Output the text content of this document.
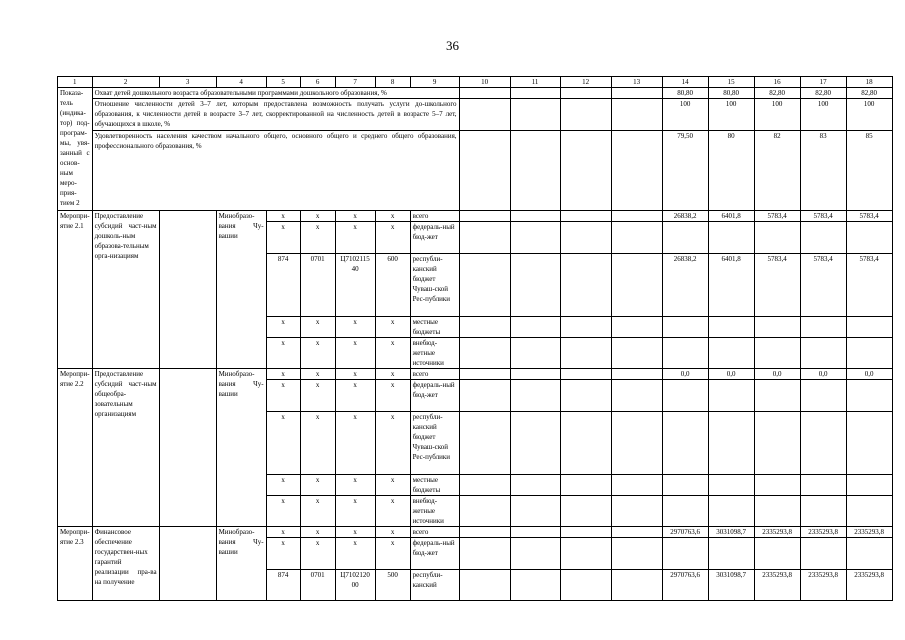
36
1	2	3	4	5	6	7	8	9	10	11	12	13	14	15	16	17	18
Показа-тель (индика-тор) под-програм-мы, увя-занный с основ-ным меро-прия-тием 2	Охват детей дошкольного возраста образовательными программами дошкольного образования, %												80,80	80,80	82,80	82,80	82,80
	Отношение численности детей 3–7 лет, которым предоставлена возможность получать услуги до-школьного образования, к численности детей в возрасте 3–7 лет, скорректированной на численность детей в возрасте 5–7 лет, обучающихся в школе, %												100	100	100	100	100
	Удовлетворенность населения качеством начального общего, основного общего и среднего общего образования, профессионального образования, %												79,50	80	82	83	85
Меропри-ятие 2.1	Предоставление субсидий част-ным дошколь-ным образова-тельным орга-низациям		Минобразо-вания Чу-вашии	х	х	х	х	всего					26838,2	6401,8	5783,4	5783,4	5783,4
				х	х	х	х	федераль-ный бюд-жет									
				874	0701	Ц7102115 40	600	республи-канский бюджет Чуваш-ской Рес-публики					26838,2	6401,8	5783,4	5783,4	5783,4
				х	х	х	х	местные бюджеты									
				х	х	х	х	внебюд-жетные источники									
Меропри-ятие 2.2	Предоставление субсидий част-ным общеобра-зовательным организациям		Минобразо-вания Чу-вашии	х	х	х	х	всего					0,0	0,0	0,0	0,0	0,0
				х	х	х	х	федераль-ный бюд-жет									
				х	х	х	х	республи-канский бюджет Чуваш-ской Рес-публики									
				х	х	х	х	местные бюджеты									
				х	х	х	х	внебюд-жетные источники									
Меропри-ятие 2.3	Финансовое обеспечение государствен-ных гарантий реализации пра-ва на получение		Минобразо-вания Чу-вашии	х	х	х	х	всего					2970763,6	3031098,7	2335293,8	2335293,8	2335293,8
				х	х	х	х	федераль-ный бюд-жет									
				874	0701	Ц7102120 00	500	республи-канский					2970763,6	3031098,7	2335293,8	2335293,8	2335293,8
